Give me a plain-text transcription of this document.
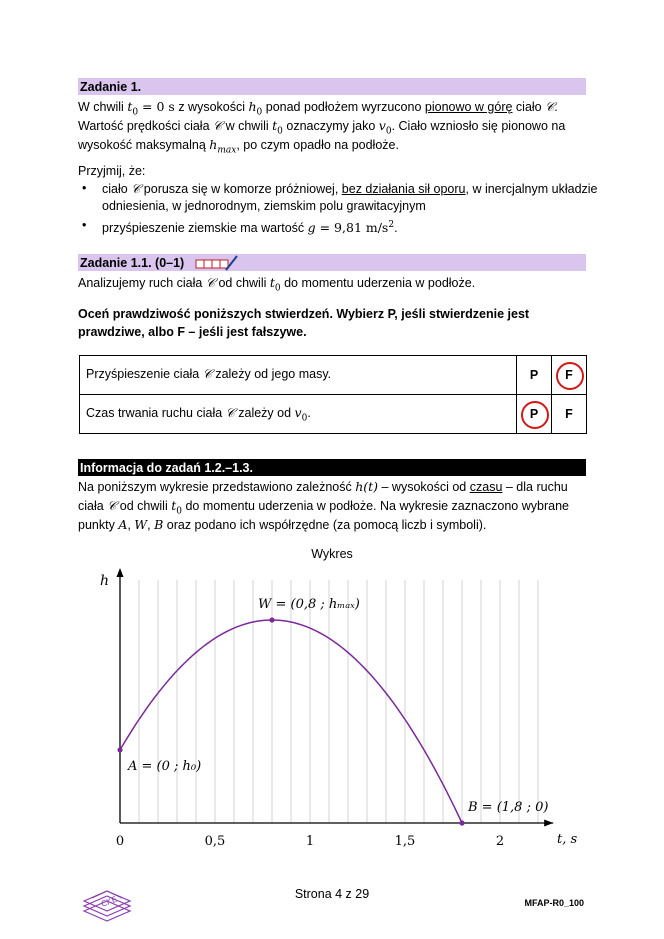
Zadanie 1.
W chwili $t_0 = 0$ s z wysokości $h_0$ ponad podłożem wyrzucono pionowo w górę ciało 𝒞.
Wartość prędkości ciała 𝒞 w chwili $t_0$ oznaczymy jako $v_0$. Ciało wzniosło się pionowo na
wysokość maksymalną $h_{max}$, po czym opadło na podłoże.
Przyjmij, że:
• ciało 𝒞 porusza się w komorze próżniowej, bez działania sił oporu, w inercjalnym układzie
odniesienia, w jednorodnym, ziemskim polu grawitacyjnym
• przyśpieszenie ziemskie ma wartość g = 9,81 $m/s^2$.
Zadanie 1.1. (0–1)
Analizujemy ruch ciała 𝒞 od chwili $t_0$ do momentu uderzenia w podłoże.
Oceń prawdziwość poniższych stwierdzeń. Wybierz P, jeśli stwierdzenie jest prawdziwe, albo F – jeśli jest fałszywe.
Przyśpieszenie ciała 𝒞 zależy od jego masy.	P	F
Czas trwania ruchu ciała 𝒞 zależy od $v_0$.	P	F
Informacja do zadań 1.2.–1.3.
Na poniższym wykresie przedstawiono zależność h(t) – wysokości od czasu – dla ruchu
ciała 𝒞 od chwili $t_0$ do momentu uderzenia w podłoże. Na wykresie zaznaczono wybrane
punkty A, W, B oraz podano ich współrzędne (za pomocą liczb i symboli).
Wykres
h
t, s
0	0,5	1	1,5	2
A = (0 ; h₀)
W = (0,8 ; hₘₐₓ)
B = (1,8 ; 0)
CKE
Strona 4 z 29
MFAP-R0_100
